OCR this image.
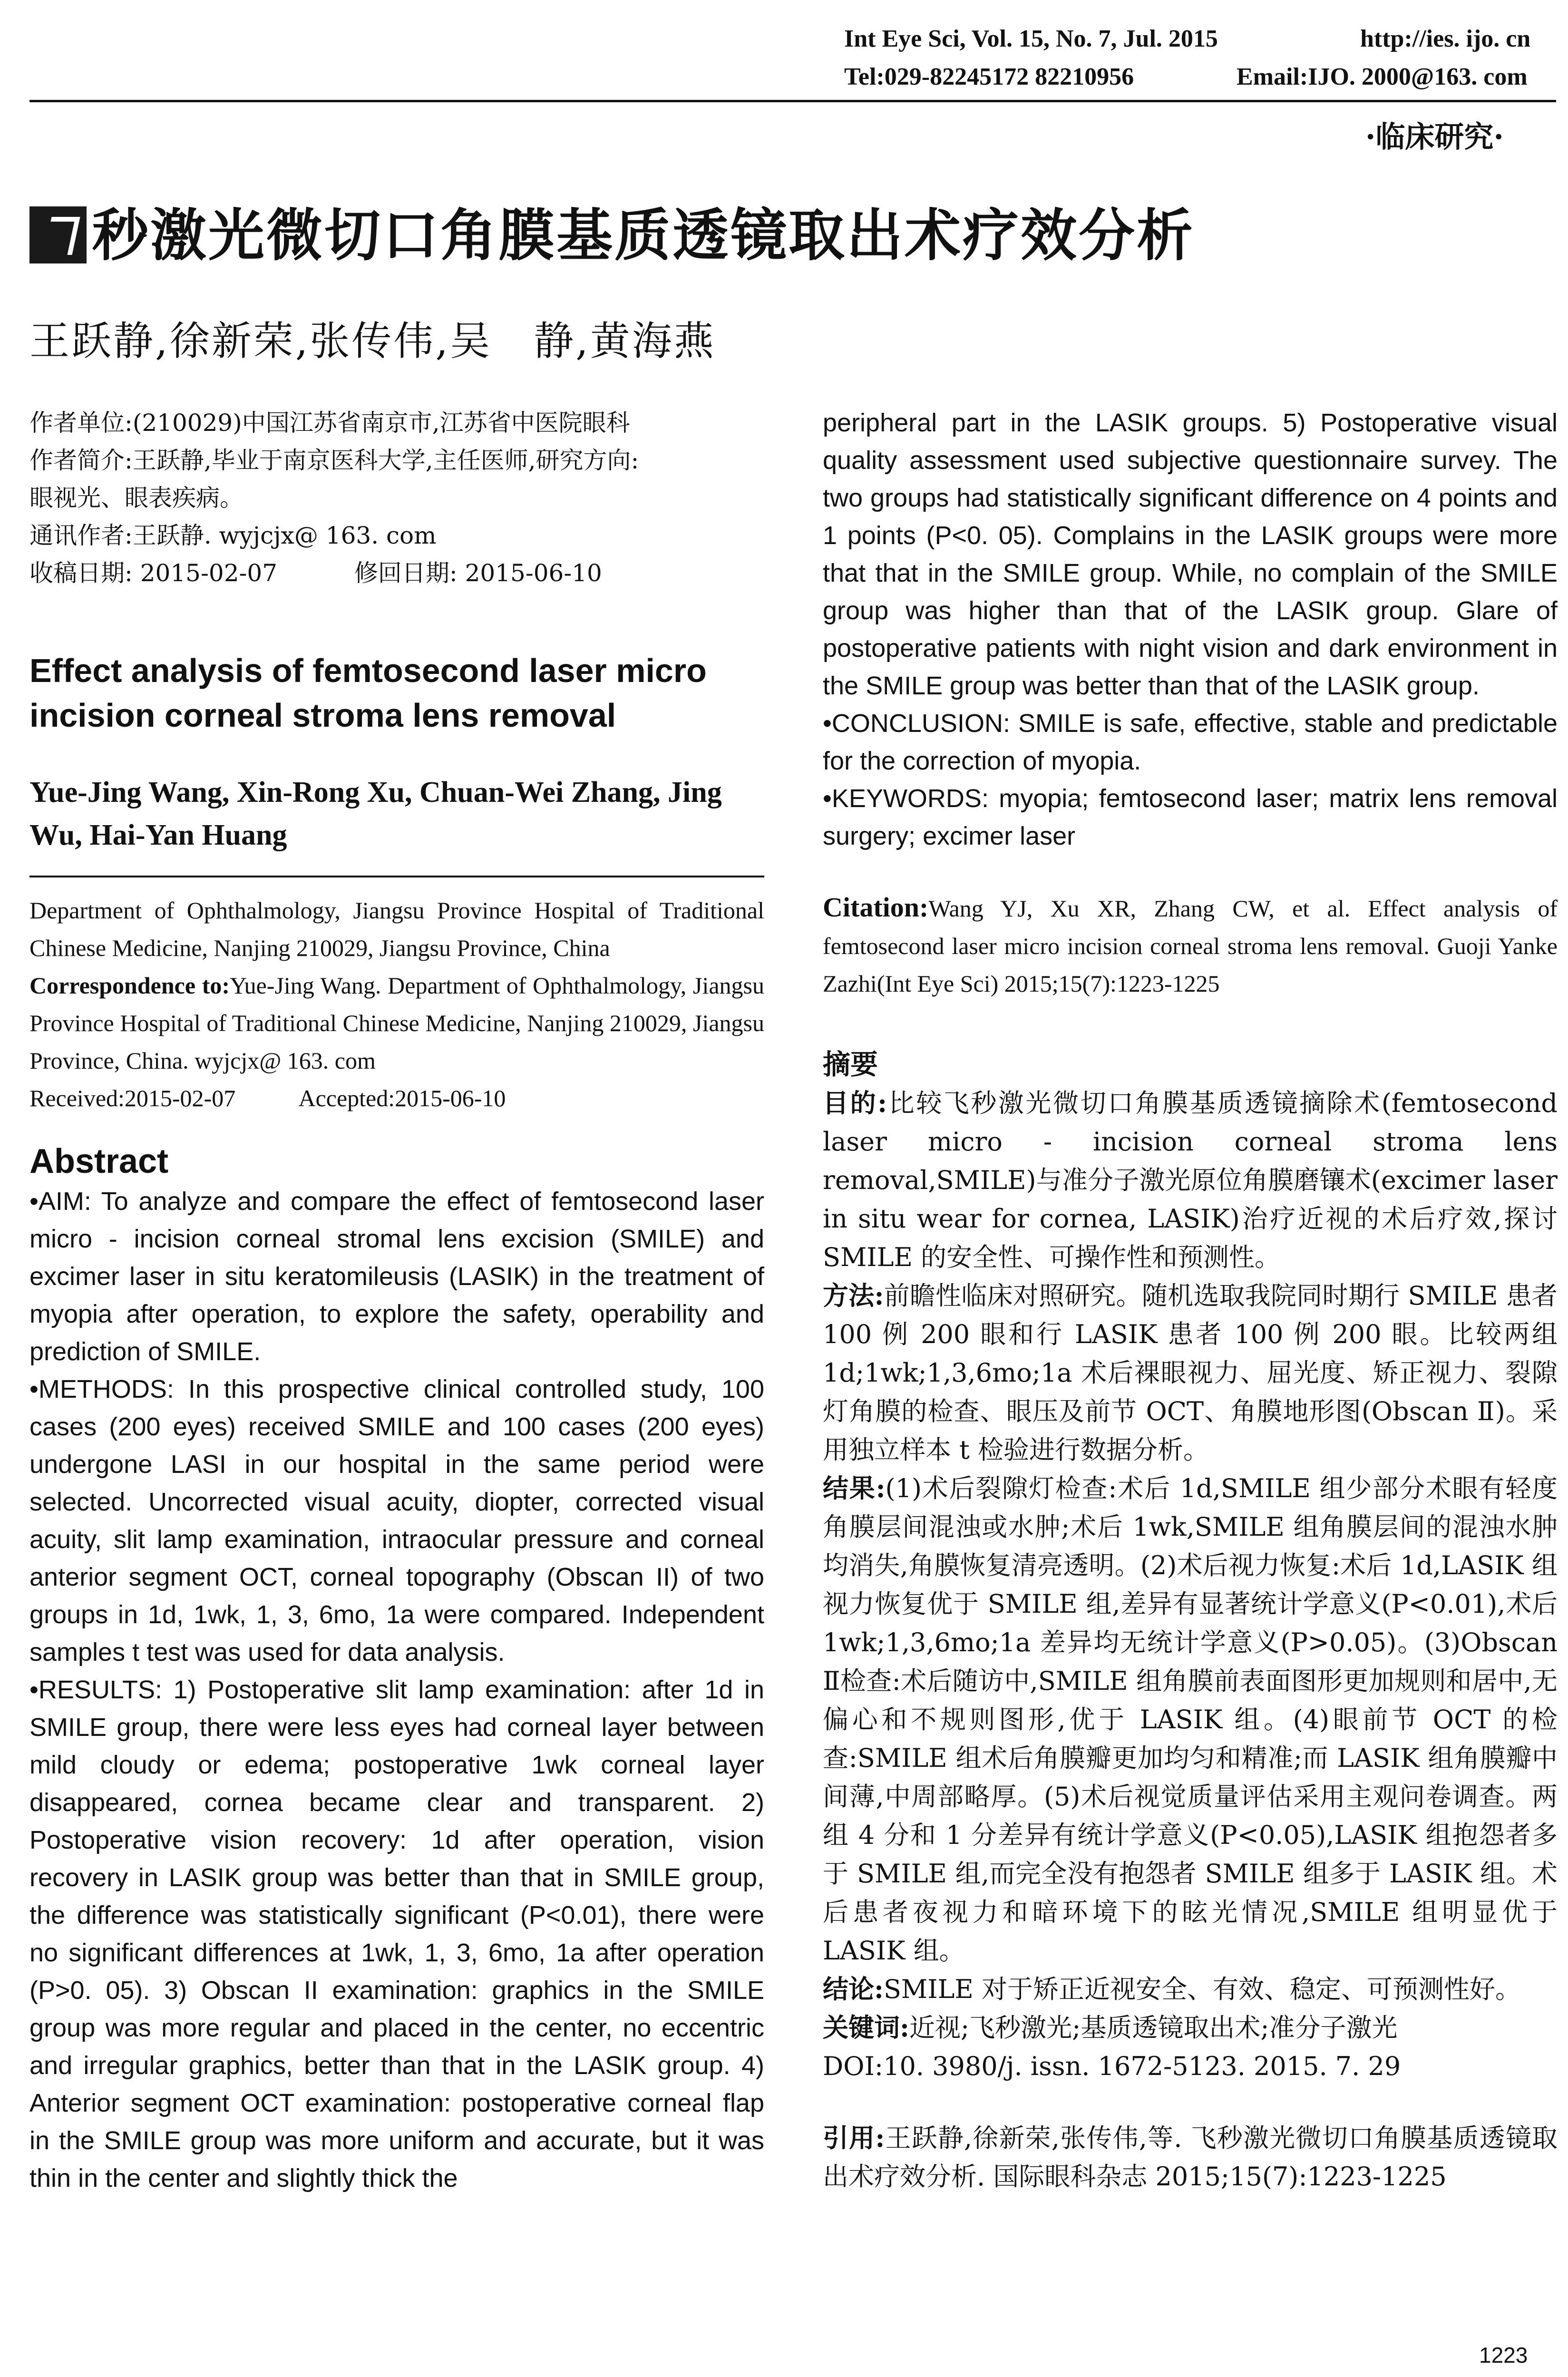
Int Eye Sci, Vol. 15, No. 7, Jul. 2015	http://ies. ijo. cn
Tel:029-82245172 82210956	Email:IJO. 2000@163. com
·临床研究·
秒激光微切口角膜基质透镜取出术疗效分析
王跃静,徐新荣,张传伟,吴　静,黄海燕
作者单位:(210029)中国江苏省南京市,江苏省中医院眼科
作者简介:王跃静,毕业于南京医科大学,主任医师,研究方向:
眼视光、眼表疾病。
通讯作者:王跃静. wyjcjx@ 163. com
收稿日期: 2015-02-07	修回日期: 2015-06-10
Effect analysis of femtosecond laser micro incision corneal stroma lens removal
Yue-Jing Wang, Xin-Rong Xu, Chuan-Wei Zhang, Jing Wu, Hai-Yan Huang
Department of Ophthalmology, Jiangsu Province Hospital of Traditional Chinese Medicine, Nanjing 210029, Jiangsu Province, China
Correspondence to:Yue-Jing Wang. Department of Ophthalmology, Jiangsu Province Hospital of Traditional Chinese Medicine, Nanjing 210029, Jiangsu Province, China. wyjcjx@ 163. com
Received:2015-02-07	Accepted:2015-06-10
Abstract

•AIM: To analyze and compare the effect of femtosecond laser micro - incision corneal stromal lens excision (SMILE) and excimer laser in situ keratomileusis (LASIK) in the treatment of myopia after operation, to explore the safety, operability and prediction of SMILE.

•METHODS: In this prospective clinical controlled study, 100 cases (200 eyes) received SMILE and 100 cases (200 eyes) undergone LASI in our hospital in the same period were selected. Uncorrected visual acuity, diopter, corrected visual acuity, slit lamp examination, intraocular pressure and corneal anterior segment OCT, corneal topography (Obscan II) of two groups in 1d, 1wk, 1, 3, 6mo, 1a were compared. Independent samples t test was used for data analysis.

•RESULTS: 1) Postoperative slit lamp examination: after 1d in SMILE group, there were less eyes had corneal layer between mild cloudy or edema; postoperative 1wk corneal layer disappeared, cornea became clear and transparent. 2) Postoperative vision recovery: 1d after operation, vision recovery in LASIK group was better than that in SMILE group, the difference was statistically significant (P<0.01), there were no significant differences at 1wk, 1, 3, 6mo, 1a after operation (P>0. 05). 3) Obscan II examination: graphics in the SMILE group was more regular and placed in the center, no eccentric and irregular graphics, better than that in the LASIK group. 4) Anterior segment OCT examination: postoperative corneal flap in the SMILE group was more uniform and accurate, but it was thin in the center and slightly thick the

peripheral part in the LASIK groups. 5) Postoperative visual quality assessment used subjective questionnaire survey. The two groups had statistically significant difference on 4 points and 1 points (P<0. 05). Complains in the LASIK groups were more that that in the SMILE group. While, no complain of the SMILE group was higher than that of the LASIK group. Glare of postoperative patients with night vision and dark environment in the SMILE group was better than that of the LASIK group.

•CONCLUSION: SMILE is safe, effective, stable and predictable for the correction of myopia.

•KEYWORDS: myopia; femtosecond laser; matrix lens removal surgery; excimer laser

Citation:Wang YJ, Xu XR, Zhang CW, et al. Effect analysis of femtosecond laser micro incision corneal stroma lens removal. Guoji Yanke Zazhi(Int Eye Sci) 2015;15(7):1223-1225
摘要

目的:比较飞秒激光微切口角膜基质透镜摘除术(femtosecond laser micro - incision corneal stroma lens removal,SMILE)与准分子激光原位角膜磨镶术(excimer laser in situ wear for cornea, LASIK)治疗近视的术后疗效,探讨 SMILE 的安全性、可操作性和预测性。

方法:前瞻性临床对照研究。随机选取我院同时期行 SMILE 患者 100 例 200 眼和行 LASIK 患者 100 例 200 眼。比较两组 1d;1wk;1,3,6mo;1a 术后裸眼视力、屈光度、矫正视力、裂隙灯角膜的检查、眼压及前节 OCT、角膜地形图(Obscan Ⅱ)。采用独立样本 t 检验进行数据分析。

结果:(1)术后裂隙灯检查:术后 1d,SMILE 组少部分术眼有轻度角膜层间混浊或水肿;术后 1wk,SMILE 组角膜层间的混浊水肿均消失,角膜恢复清亮透明。(2)术后视力恢复:术后 1d,LASIK 组视力恢复优于 SMILE 组,差异有显著统计学意义(P<0.01),术后 1wk;1,3,6mo;1a 差异均无统计学意义(P>0.05)。(3)Obscan Ⅱ检查:术后随访中,SMILE 组角膜前表面图形更加规则和居中,无偏心和不规则图形,优于 LASIK 组。(4)眼前节 OCT 的检查:SMILE 组术后角膜瓣更加均匀和精准;而 LASIK 组角膜瓣中间薄,中周部略厚。(5)术后视觉质量评估采用主观问卷调查。两组 4 分和 1 分差异有统计学意义(P<0.05),LASIK 组抱怨者多于 SMILE 组,而完全没有抱怨者 SMILE 组多于 LASIK 组。术后患者夜视力和暗环境下的眩光情况,SMILE 组明显优于 LASIK 组。

结论:SMILE 对于矫正近视安全、有效、稳定、可预测性好。

关键词:近视;飞秒激光;基质透镜取出术;准分子激光

DOI:10. 3980/j. issn. 1672-5123. 2015. 7. 29

引用:王跃静,徐新荣,张传伟,等. 飞秒激光微切口角膜基质透镜取出术疗效分析. 国际眼科杂志 2015;15(7):1223-1225
1223
